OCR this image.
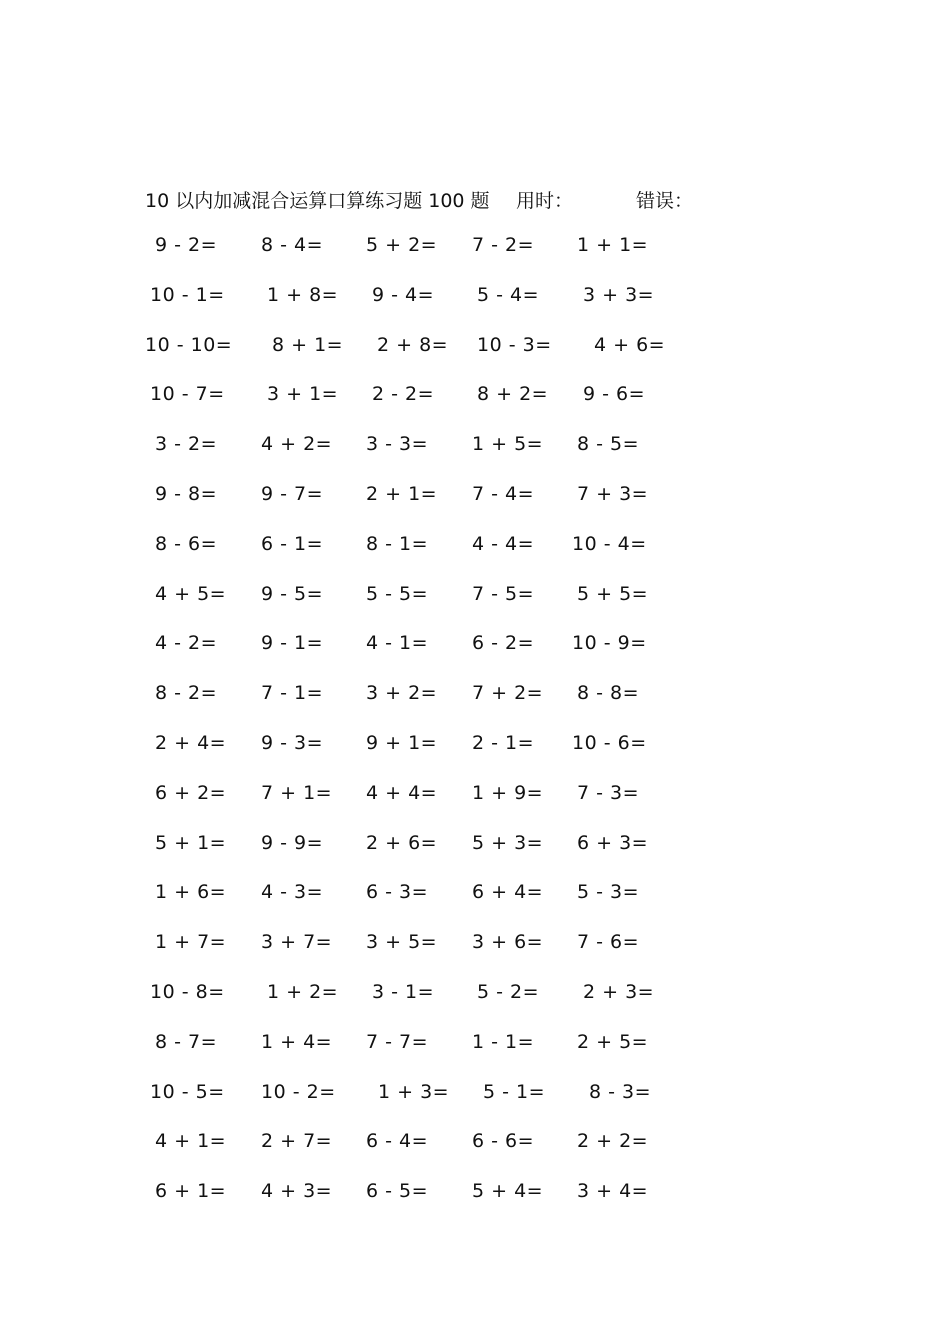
10 以内加减混合运算口算练习题 100 题 用时：	错误：
9 - 2= 8 - 4= 5 + 2= 7 - 2= 1 + 1=
10 - 1= 1 + 8= 9 - 4= 5 - 4= 3 + 3=
10 - 10= 8 + 1= 2 + 8= 10 - 3= 4 + 6=
10 - 7= 3 + 1= 2 - 2= 8 + 2= 9 - 6=
3 - 2= 4 + 2= 3 - 3= 1 + 5= 8 - 5=
9 - 8= 9 - 7= 2 + 1= 7 - 4= 7 + 3=
8 - 6= 6 - 1= 8 - 1= 4 - 4= 10 - 4=
4 + 5= 9 - 5= 5 - 5= 7 - 5= 5 + 5=
4 - 2= 9 - 1= 4 - 1= 6 - 2= 10 - 9=
8 - 2= 7 - 1= 3 + 2= 7 + 2= 8 - 8=
2 + 4= 9 - 3= 9 + 1= 2 - 1= 10 - 6=
6 + 2= 7 + 1= 4 + 4= 1 + 9= 7 - 3=
5 + 1= 9 - 9= 2 + 6= 5 + 3= 6 + 3=
1 + 6= 4 - 3= 6 - 3= 6 + 4= 5 - 3=
1 + 7= 3 + 7= 3 + 5= 3 + 6= 7 - 6=
10 - 8= 1 + 2= 3 - 1= 5 - 2= 2 + 3=
8 - 7= 1 + 4= 7 - 7= 1 - 1= 2 + 5=
10 - 5= 10 - 2= 1 + 3= 5 - 1= 8 - 3=
4 + 1= 2 + 7= 6 - 4= 6 - 6= 2 + 2=
6 + 1= 4 + 3= 6 - 5= 5 + 4= 3 + 4=
